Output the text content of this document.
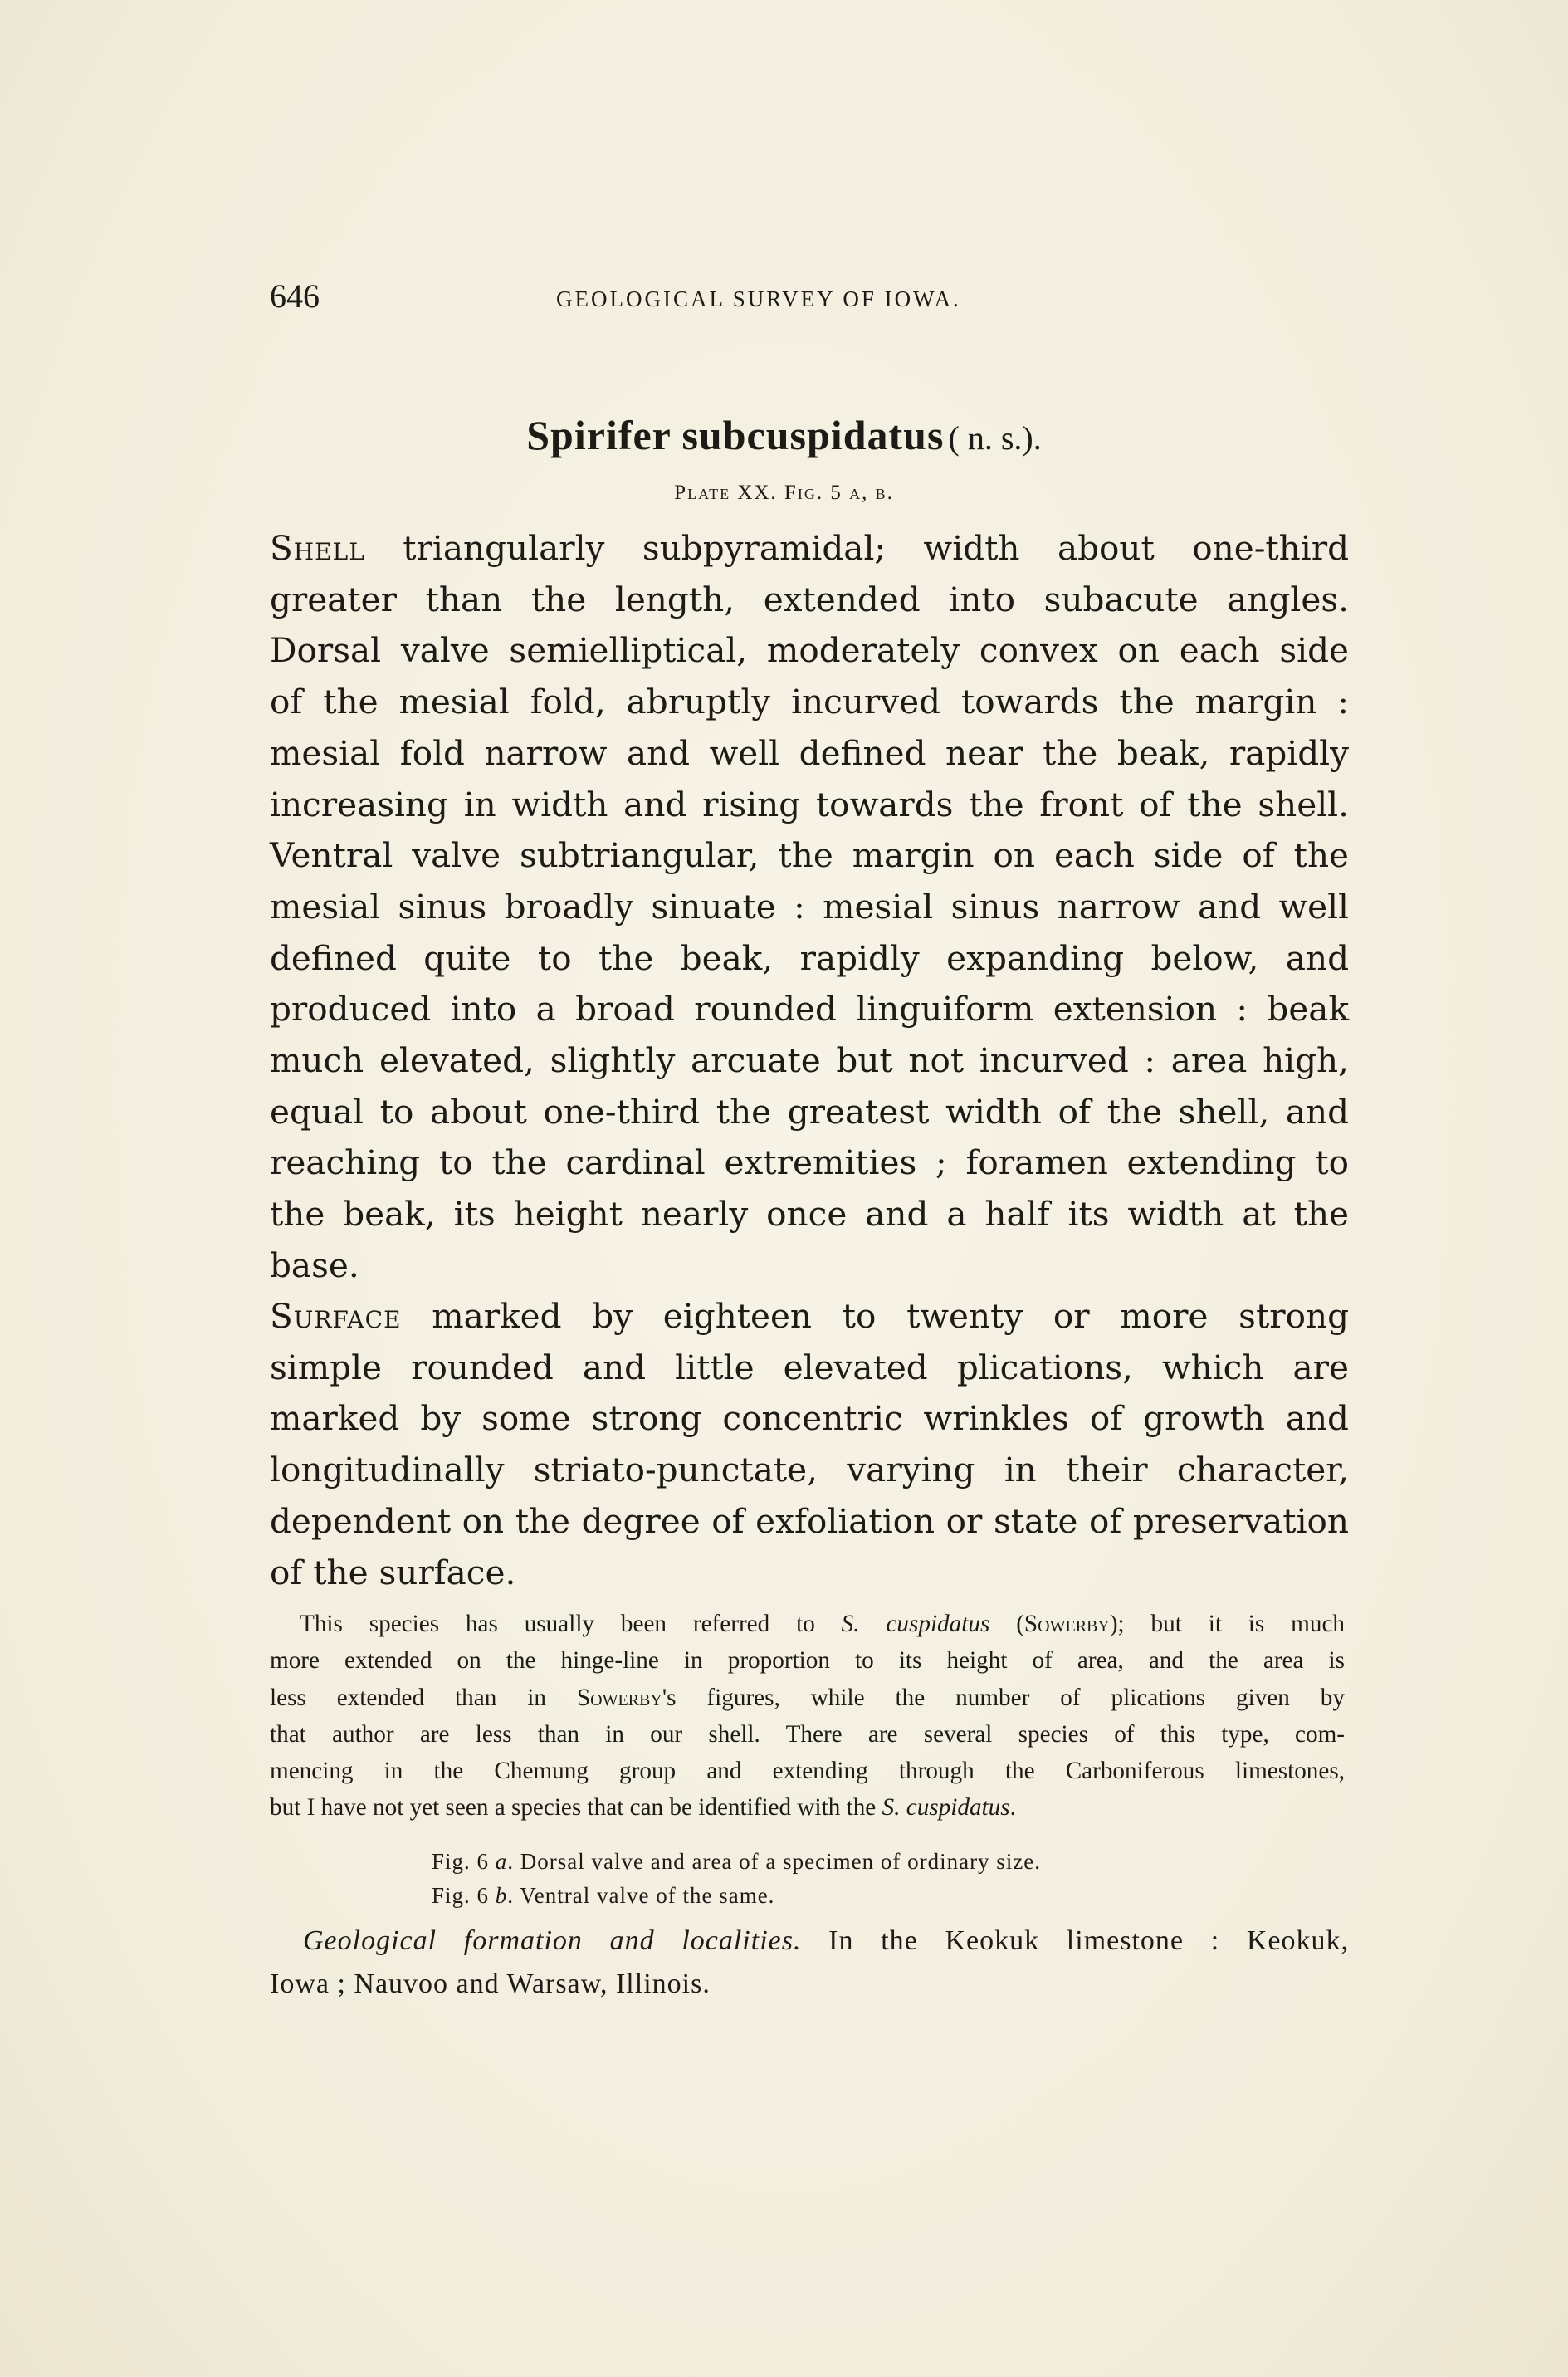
646	GEOLOGICAL SURVEY OF IOWA.
Spirifer subcuspidatus ( n. s.).
Plate XX. Fig. 5 a, b.
Shell triangularly subpyramidal; width about one-third
greater than the length, extended into subacute angles.
Dorsal valve semielliptical, moderately convex on each side
of the mesial fold, abruptly incurved towards the margin :
mesial fold narrow and well defined near the beak, rapidly
increasing in width and rising towards the front of the shell.
Ventral valve subtriangular, the margin on each side of the
mesial sinus broadly sinuate : mesial sinus narrow and well
defined quite to the beak, rapidly expanding below, and
produced into a broad rounded linguiform extension : beak
much elevated, slightly arcuate but not incurved : area high,
equal to about one-third the greatest width of the shell, and
reaching to the cardinal extremities ; foramen extending to
the beak, its height nearly once and a half its width at the
base.
Surface marked by eighteen to twenty or more strong
simple rounded and little elevated plications, which are
marked by some strong concentric wrinkles of growth and
longitudinally striato-punctate, varying in their character,
dependent on the degree of exfoliation or state of preservation
of the surface.
This species has usually been referred to S. cuspidatus (Sowerby); but it is much
more extended on the hinge-line in proportion to its height of area, and the area is
less extended than in Sowerby's figures, while the number of plications given by
that author are less than in our shell. There are several species of this type, com-
mencing in the Chemung group and extending through the Carboniferous limestones,
but I have not yet seen a species that can be identified with the S. cuspidatus.
Fig. 6 a. Dorsal valve and area of a specimen of ordinary size.
Fig. 6 b. Ventral valve of the same.
Geological formation and localities. In the Keokuk limestone : Keokuk,
Iowa ; Nauvoo and Warsaw, Illinois.
